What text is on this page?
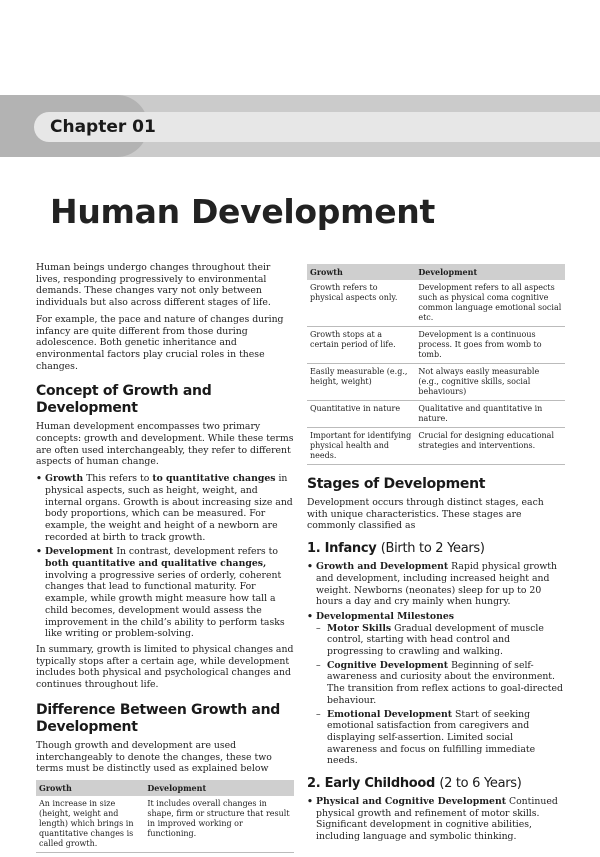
Chapter 01
Human Development

Human beings undergo changes throughout their lives, responding progressively to environmental demands. These changes vary not only between individuals but also across different stages of life.

For example, the pace and nature of changes during infancy are quite different from those during adolescence. Both genetic inheritance and environmental factors play crucial roles in these changes.

Concept of Growth and Development

Human development encompasses two primary concepts: growth and development. While these terms are often used interchangeably, they refer to different aspects of human change.

• Growth This refers to to quantitative changes in physical aspects, such as height, weight, and internal organs. Growth is about increasing size and body proportions, which can be measured. For example, the weight and height of a newborn are recorded at birth to track growth.
• Development In contrast, development refers to both quantitative and qualitative changes, involving a progressive series of orderly, coherent changes that lead to functional maturity. For example, while growth might measure how tall a child becomes, development would assess the improvement in the child’s ability to perform tasks like writing or problem-solving.

In summary, growth is limited to physical changes and typically stops after a certain age, while development includes both physical and psychological changes and continues throughout life.

Difference Between Growth and Development

Though growth and development are used interchangeably to denote the changes, these two terms must be distinctly used as explained below

Growth	Development
An increase in size (height, weight and length) which brings in quantitative changes is called growth.	It includes overall changes in shape, firm or structure that result in improved working or functioning.
Growth	Development
Growth refers to physical aspects only.	Development refers to all aspects such as physical coma cognitive common language emotional social etc.
Growth stops at a certain period of life.	Development is a continuous process. It goes from womb to tomb.
Easily measurable (e.g., height, weight)	Not always easily measurable (e.g., cognitive skills, social behaviours)
Quantitative in nature	Qualitative and quantitative in nature.
Important for identifying physical health and needs.	Crucial for designing educational strategies and interventions.
Stages of Development

Development occurs through distinct stages, each with unique characteristics. These stages are commonly classified as

1. Infancy (Birth to 2 Years)
• Growth and Development Rapid physical growth and development, including increased height and weight. Newborns (neonates) sleep for up to 20 hours a day and cry mainly when hungry.
• Developmental Milestones
– Motor Skills Gradual development of muscle control, starting with head control and progressing to crawling and walking.
– Cognitive Development Beginning of self-awareness and curiosity about the environment. The transition from reflex actions to goal-directed behaviour.
– Emotional Development Start of seeking emotional satisfaction from caregivers and displaying self-assertion. Limited social awareness and focus on fulfilling immediate needs.
2. Early Childhood (2 to 6 Years)
• Physical and Cognitive Development Continued physical growth and refinement of motor skills. Significant development in cognitive abilities, including language and symbolic thinking.
